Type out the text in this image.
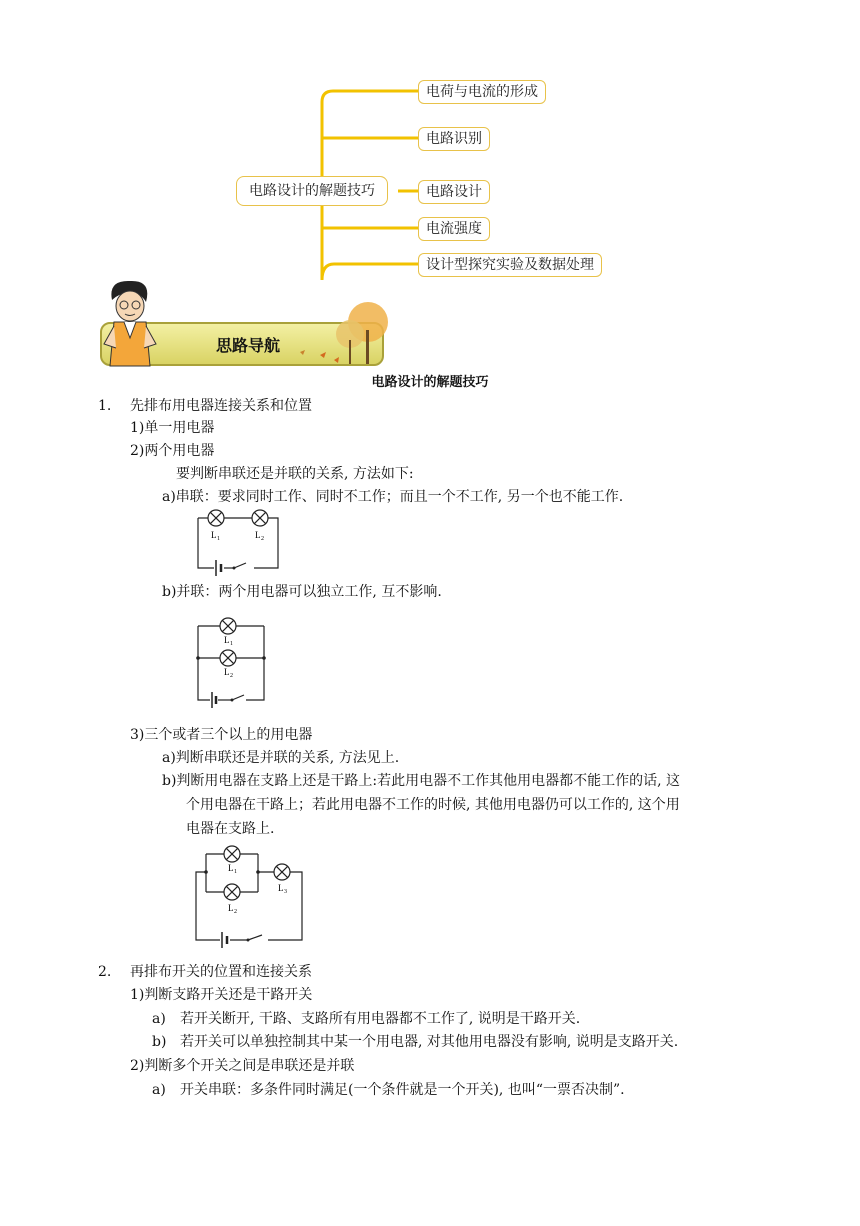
电路设计的解题技巧
电荷与电流的形成
电路识别
电路设计
电流强度
设计型探究实验及数据处理
思路导航
电路设计的解题技巧
1. 先排布用电器连接关系和位置
1)单一用电器
2)两个用电器
要判断串联还是并联的关系, 方法如下:
a)串联：要求同时工作、同时不工作；而且一个不工作, 另一个也不能工作.
b)并联：两个用电器可以独立工作, 互不影响.
3)三个或者三个以上的用电器
a)判断串联还是并联的关系, 方法见上.
b)判断用电器在支路上还是干路上:若此用电器不工作其他用电器都不能工作的话, 这
个用电器在干路上；若此用电器不工作的时候, 其他用电器仍可以工作的, 这个用
电器在支路上.
2. 再排布开关的位置和连接关系
1)判断支路开关还是干路开关
a) 若开关断开, 干路、支路所有用电器都不工作了, 说明是干路开关.
b) 若开关可以单独控制其中某一个用电器, 对其他用电器没有影响, 说明是支路开关.
2)判断多个开关之间是串联还是并联
a) 开关串联：多条件同时满足(一个条件就是一个开关), 也叫“一票否决制”.
L 1	L 2
L 1
L 2
L 1
L 2
L 3
